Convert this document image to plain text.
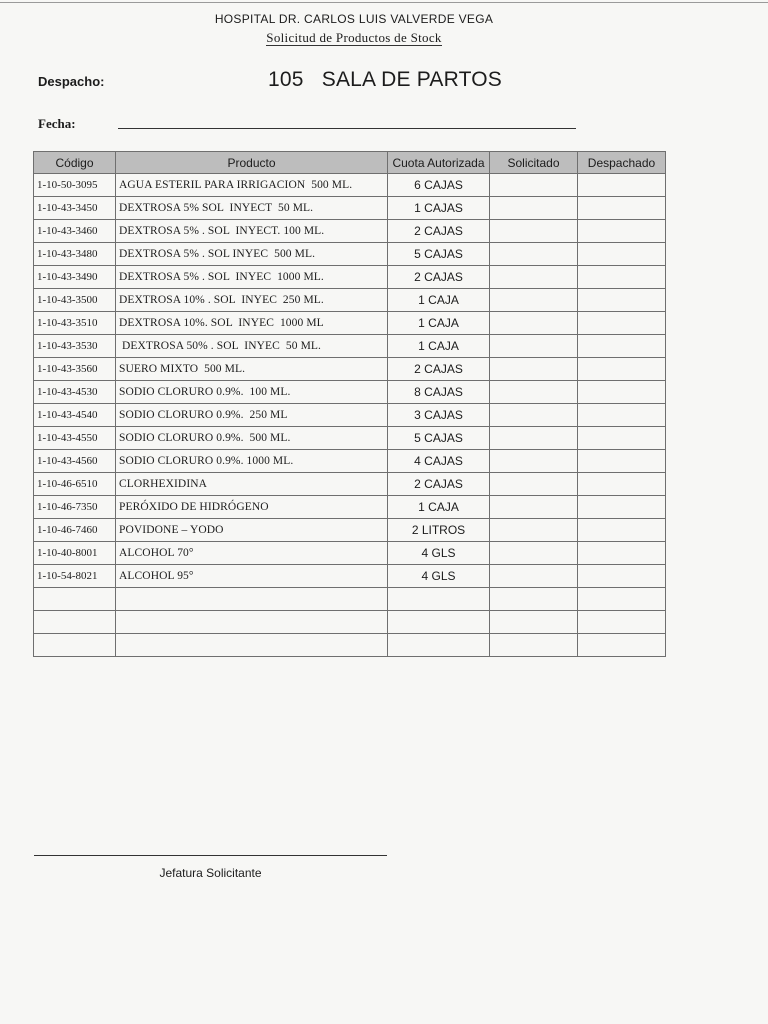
HOSPITAL DR. CARLOS LUIS VALVERDE VEGA
Solicitud de Productos de Stock
Despacho:	105   SALA DE PARTOS
Fecha:
Código	Producto	Cuota Autorizada	Solicitado	Despachado
1-10-50-3095	AGUA ESTERIL PARA IRRIGACION  500 ML.	6 CAJAS		
1-10-43-3450	DEXTROSA 5% SOL  INYECT  50 ML.	1 CAJAS		
1-10-43-3460	DEXTROSA 5% . SOL  INYECT. 100 ML.	2 CAJAS		
1-10-43-3480	DEXTROSA 5% . SOL INYEC  500 ML.	5 CAJAS		
1-10-43-3490	DEXTROSA 5% . SOL  INYEC  1000 ML.	2 CAJAS		
1-10-43-3500	DEXTROSA 10% . SOL  INYEC  250 ML.	1 CAJA		
1-10-43-3510	DEXTROSA 10%. SOL  INYEC  1000 ML	1 CAJA		
1-10-43-3530	DEXTROSA 50% . SOL  INYEC  50 ML.	1 CAJA		
1-10-43-3560	SUERO MIXTO  500 ML.	2 CAJAS		
1-10-43-4530	SODIO CLORURO 0.9%.  100 ML.	8 CAJAS		
1-10-43-4540	SODIO CLORURO 0.9%.  250 ML	3 CAJAS		
1-10-43-4550	SODIO CLORURO 0.9%.  500 ML.	5 CAJAS		
1-10-43-4560	SODIO CLORURO 0.9%. 1000 ML.	4 CAJAS		
1-10-46-6510	CLORHEXIDINA	2 CAJAS		
1-10-46-7350	PERÓXIDO DE HIDRÓGENO	1 CAJA		
1-10-46-7460	POVIDONE – YODO	2 LITROS		
1-10-40-8001	ALCOHOL 70°	4 GLS		
1-10-54-8021	ALCOHOL 95°	4 GLS		

Jefatura Solicitante
